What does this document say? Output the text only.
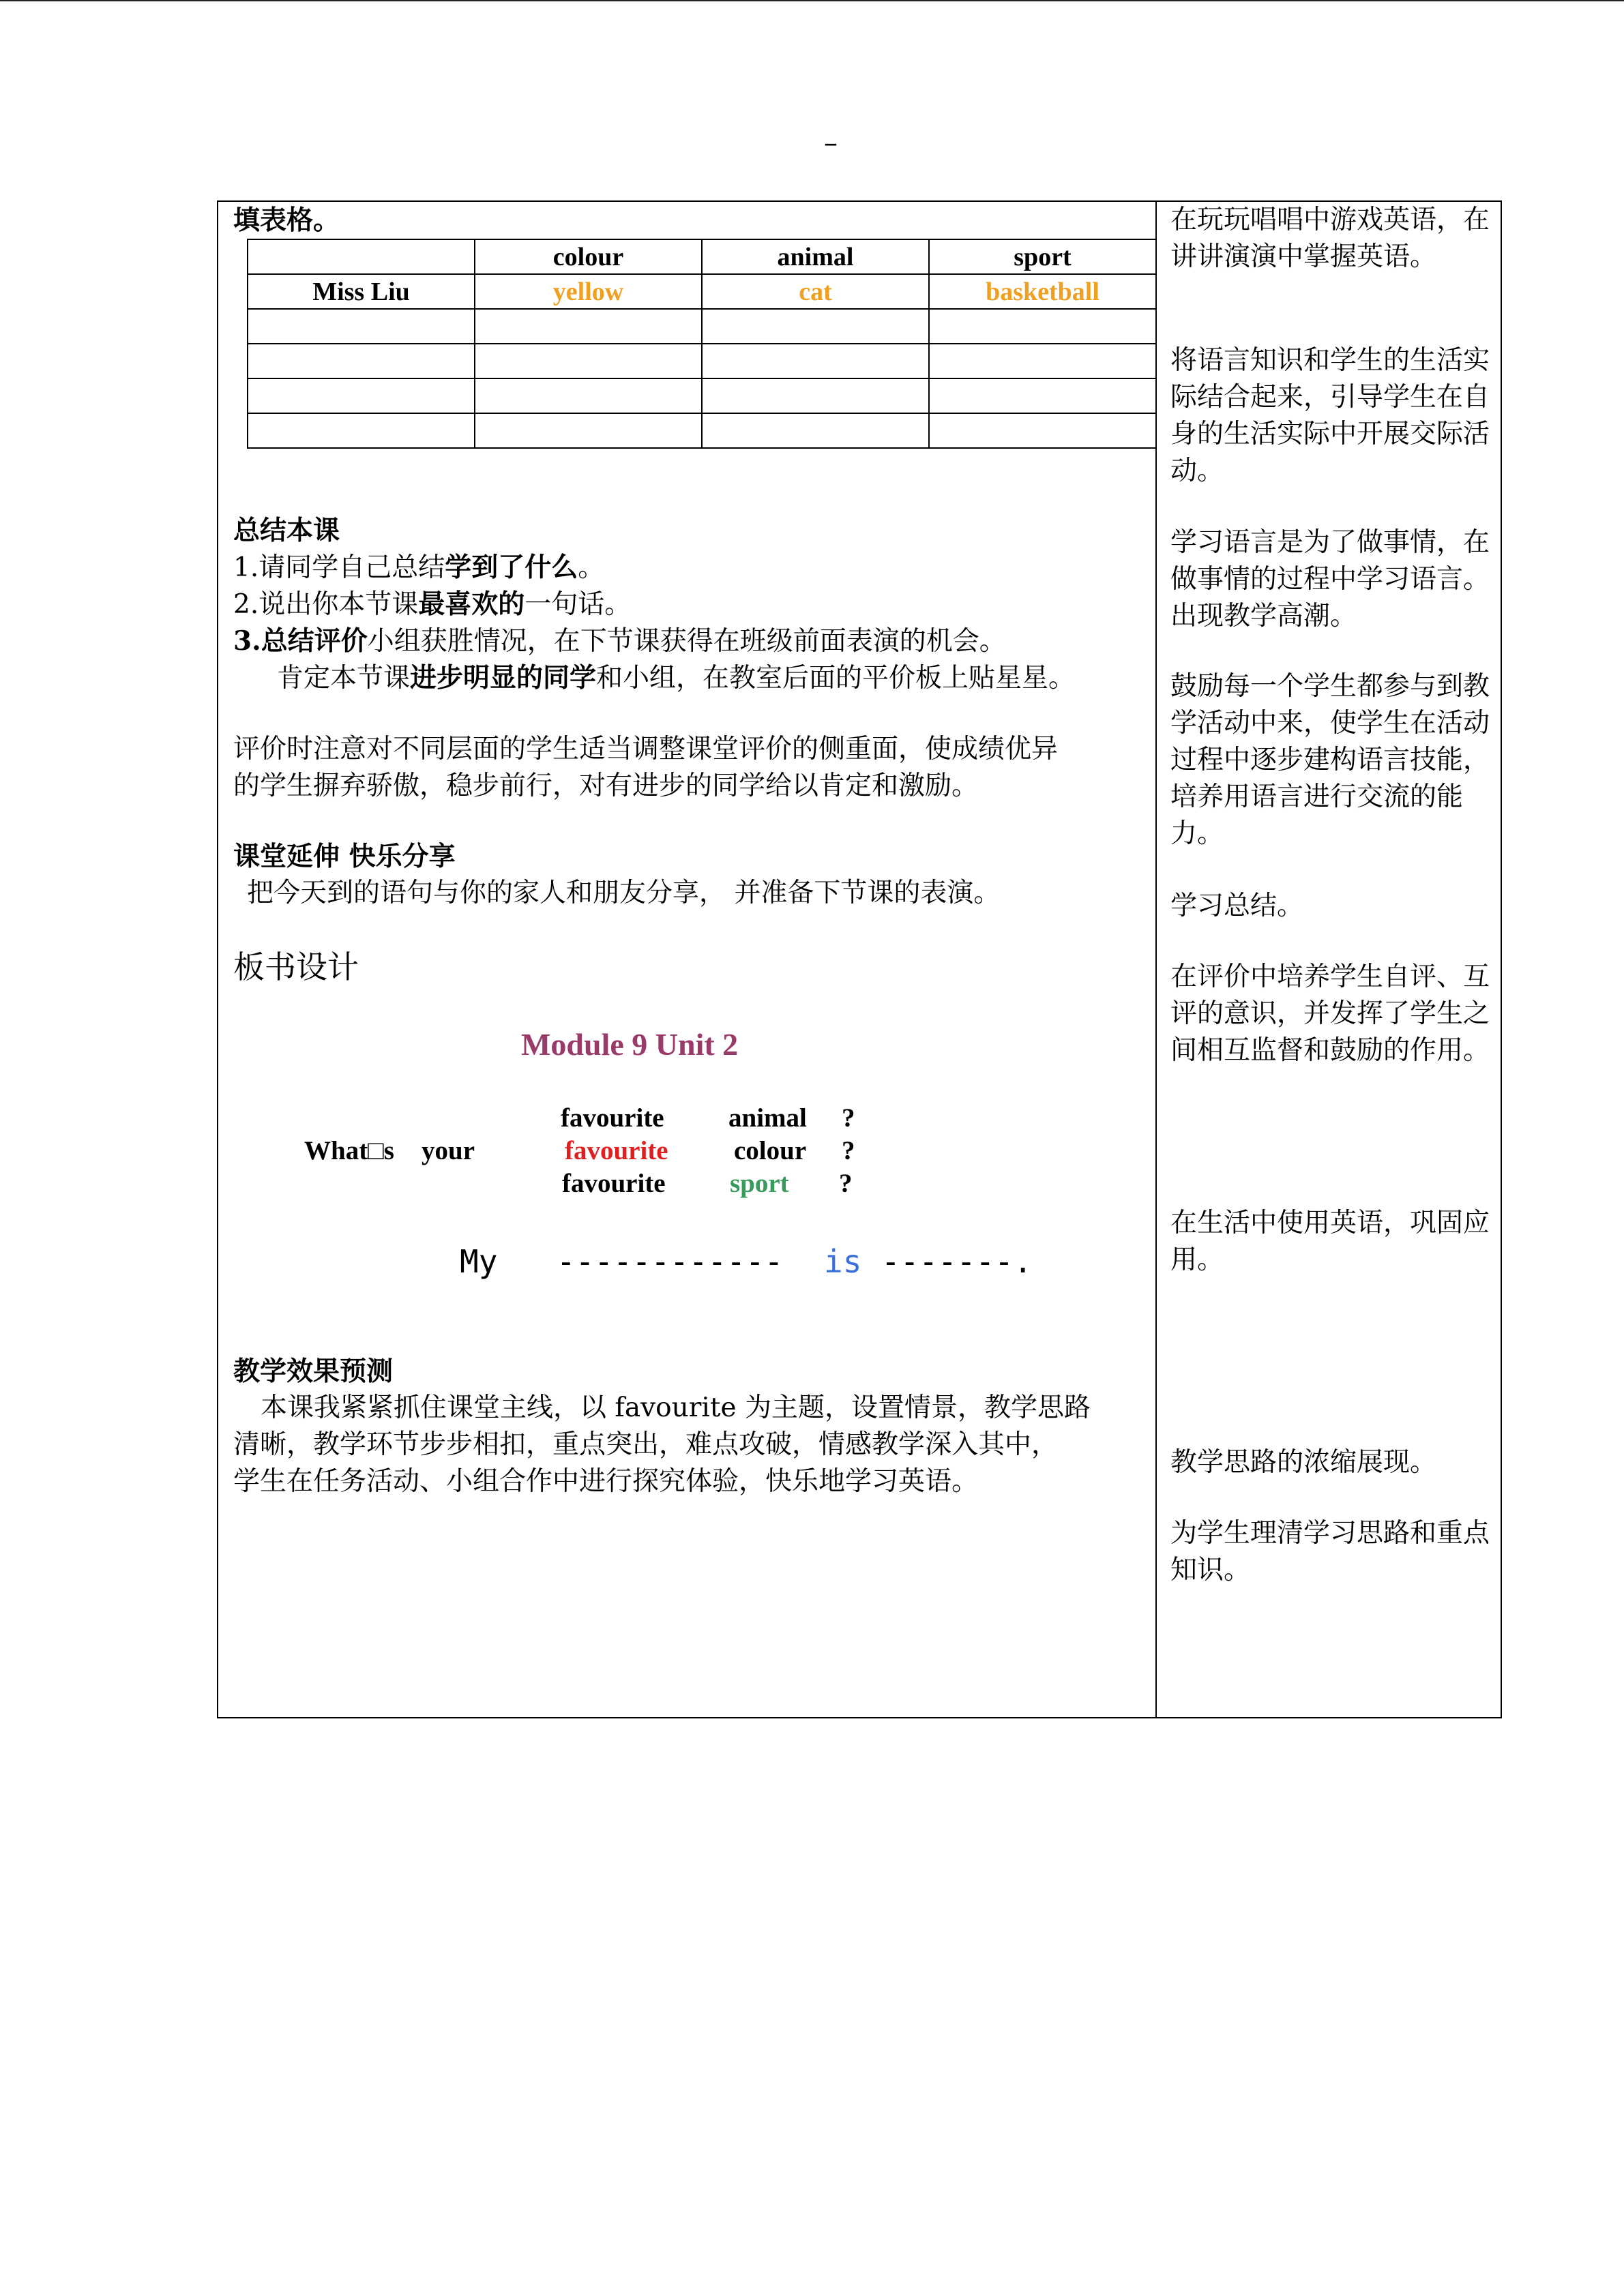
–
填表格。
	colour	animal	sport
Miss Liu	yellow	cat	basketball

总结本课
1.请同学自己总结学到了什么。
2.说出你本节课最喜欢的一句话。
3.总结评价小组获胜情况，在下节课获得在班级前面表演的机会。
肯定本节课进步明显的同学和小组，在教室后面的平价板上贴星星。
评价时注意对不同层面的学生适当调整课堂评价的侧重面，使成绩优异
的学生摒弃骄傲，稳步前行，对有进步的同学给以肯定和激励。
课堂延伸 快乐分享
把今天到的语句与你的家人和朋友分享， 并准备下节课的表演。
板书设计
Module 9 Unit 2
favourite animal ?
What□s your	favourite colour ?
favourite sport ?
My ------------ is -------.
教学效果预测
本课我紧紧抓住课堂主线，以 favourite 为主题，设置情景，教学思路
清晰，教学环节步步相扣，重点突出，难点攻破，情感教学深入其中，
学生在任务活动、小组合作中进行探究体验，快乐地学习英语。
在玩玩唱唱中游戏英语，在讲讲演演中掌握英语。
将语言知识和学生的生活实际结合起来，引导学生在自身的生活实际中开展交际活动。
学习语言是为了做事情，在做事情的过程中学习语言。出现教学高潮。
鼓励每一个学生都参与到教学活动中来，使学生在活动过程中逐步建构语言技能，培养用语言进行交流的能力。
学习总结。
在评价中培养学生自评、互评的意识，并发挥了学生之间相互监督和鼓励的作用。
在生活中使用英语，巩固应用。
教学思路的浓缩展现。
为学生理清学习思路和重点知识。
